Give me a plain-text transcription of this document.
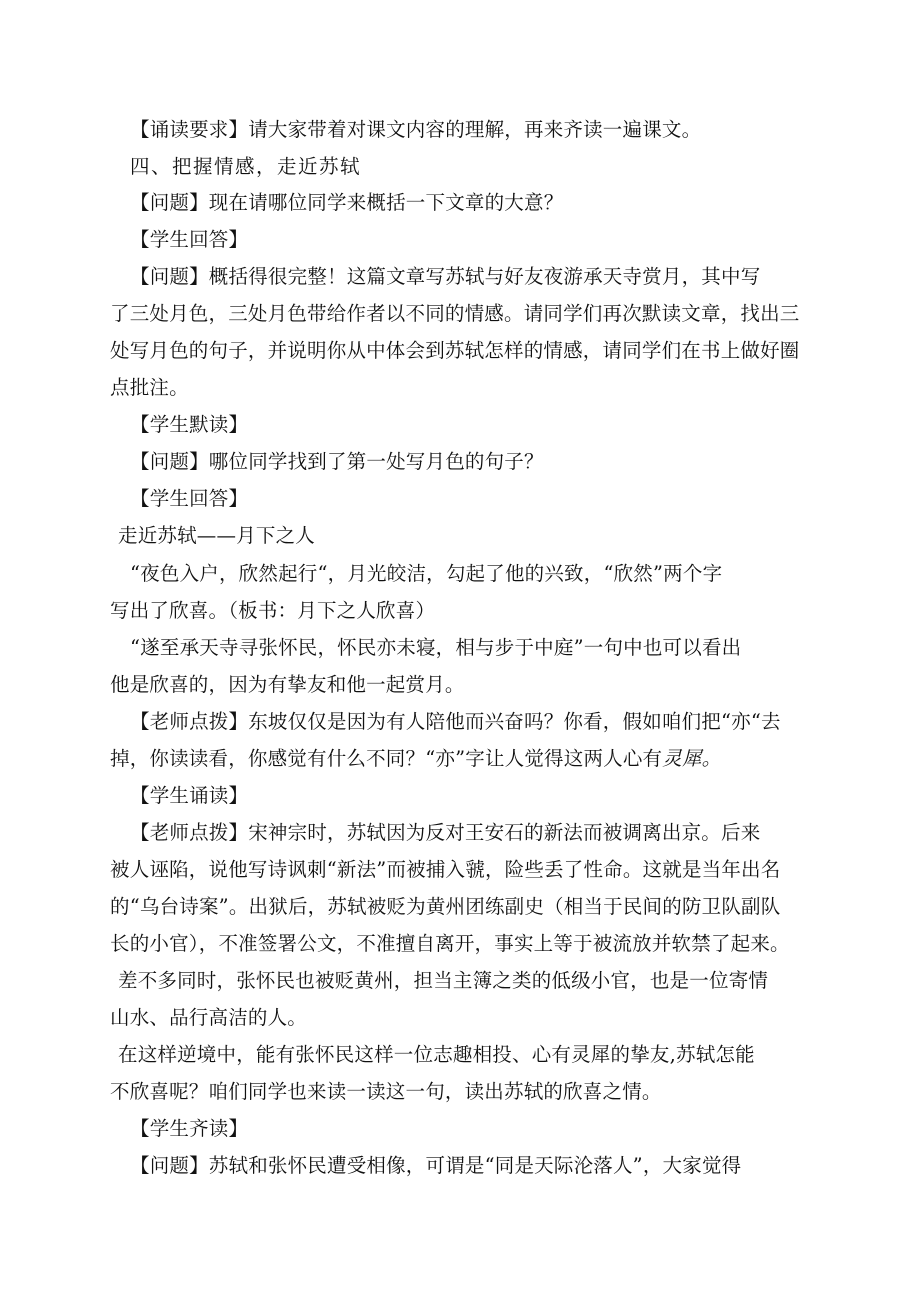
【诵读要求】请大家带着对课文内容的理解，再来齐读一遍课文。
四、把握情感，走近苏轼
【问题】现在请哪位同学来概括一下文章的大意？
【学生回答】
【问题】概括得很完整！这篇文章写苏轼与好友夜游承天寺赏月，其中写
了三处月色，三处月色带给作者以不同的情感。请同学们再次默读文章，找出三
处写月色的句子，并说明你从中体会到苏轼怎样的情感，请同学们在书上做好圈
点批注。
【学生默读】
【问题】哪位同学找到了第一处写月色的句子？
【学生回答】
走近苏轼——月下之人
“夜色入户，欣然起行“，月光皎洁，勾起了他的兴致，“欣然”两个字
写出了欣喜。（板书：月下之人欣喜）
“遂至承天寺寻张怀民，怀民亦未寝，相与步于中庭”一句中也可以看出
他是欣喜的，因为有挚友和他一起赏月。
【老师点拨】东坡仅仅是因为有人陪他而兴奋吗？你看，假如咱们把“亦“去
掉，你读读看，你感觉有什么不同？“亦”字让人觉得这两人心有灵犀。
【学生诵读】
【老师点拨】宋神宗时，苏轼因为反对王安石的新法而被调离出京。后来
被人诬陷，说他写诗讽刺“新法”而被捕入虢，险些丢了性命。这就是当年出名
的“乌台诗案”。出狱后，苏轼被贬为黄州团练副史（相当于民间的防卫队副队
长的小官），不准签署公文，不准擅自离开，事实上等于被流放并软禁了起来。
差不多同时，张怀民也被贬黄州，担当主簿之类的低级小官，也是一位寄情
山水、品行高洁的人。
在这样逆境中，能有张怀民这样一位志趣相投、心有灵犀的挚友,苏轼怎能
不欣喜呢？咱们同学也来读一读这一句，读出苏轼的欣喜之情。
【学生齐读】
【问题】苏轼和张怀民遭受相像，可谓是“同是天际沦落人”，大家觉得
